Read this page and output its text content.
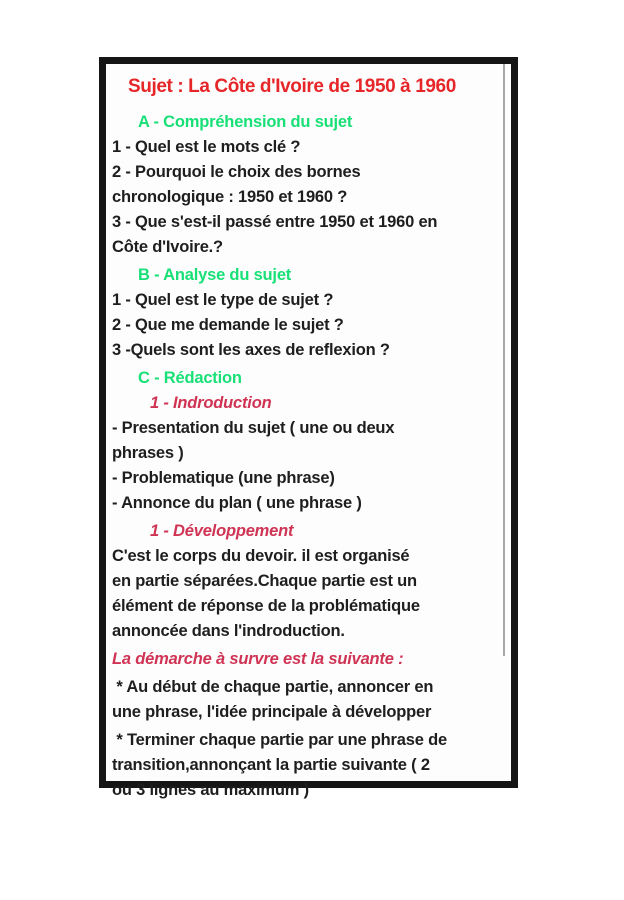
Sujet : La Côte d'Ivoire de 1950 à 1960
A - Compréhension du sujet
1 - Quel est le mots clé ?
2 - Pourquoi le choix des bornes
chronologique : 1950 et 1960 ?
3 - Que s'est-il passé entre 1950 et 1960 en
Côte d'Ivoire.?
B - Analyse du sujet
1 - Quel est le type de sujet ?
2 - Que me demande le sujet ?
3 -Quels sont les axes de reflexion ?
C - Rédaction
1 - Indroduction
- Presentation du sujet ( une ou deux
phrases )
- Problematique (une phrase)
- Annonce du plan ( une phrase )
1 - Développement
C'est le corps du devoir. il est organisé
en partie séparées.Chaque partie est un
élément de réponse de la problématique
annoncée dans l'indroduction.
La démarche à survre est la suivante :
* Au début de chaque partie, annoncer en
une phrase, l'idée principale à développer
* Terminer chaque partie par une phrase de
transition,annonçant la partie suivante ( 2
ou 3 lignes au maximum )
